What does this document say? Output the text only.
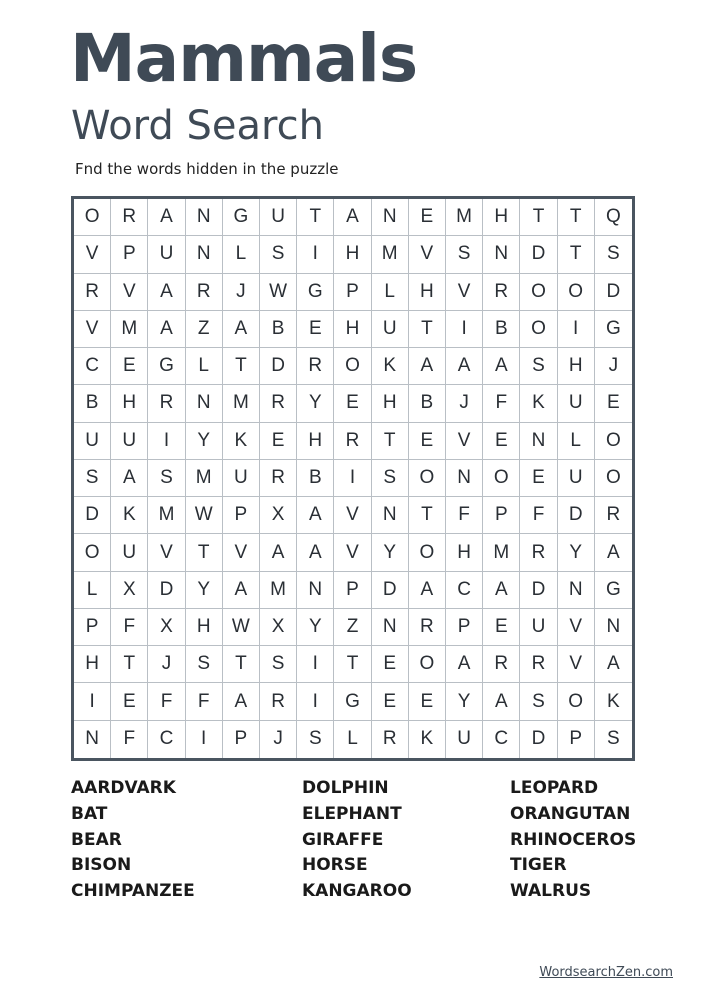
Mammals
Word Search
Fnd the words hidden in the puzzle
O	R	A	N	G	U	T	A	N	E	M	H	T	T	Q
V	P	U	N	L	S	I	H	M	V	S	N	D	T	S
R	V	A	R	J	W	G	P	L	H	V	R	O	O	D
V	M	A	Z	A	B	E	H	U	T	I	B	O	I	G
C	E	G	L	T	D	R	O	K	A	A	A	S	H	J
B	H	R	N	M	R	Y	E	H	B	J	F	K	U	E
U	U	I	Y	K	E	H	R	T	E	V	E	N	L	O
S	A	S	M	U	R	B	I	S	O	N	O	E	U	O
D	K	M	W	P	X	A	V	N	T	F	P	F	D	R
O	U	V	T	V	A	A	V	Y	O	H	M	R	Y	A
L	X	D	Y	A	M	N	P	D	A	C	A	D	N	G
P	F	X	H	W	X	Y	Z	N	R	P	E	U	V	N
H	T	J	S	T	S	I	T	E	O	A	R	R	V	A
I	E	F	F	A	R	I	G	E	E	Y	A	S	O	K
N	F	C	I	P	J	S	L	R	K	U	C	D	P	S
AARDVARK
BAT
BEAR
BISON
CHIMPANZEE
DOLPHIN
ELEPHANT
GIRAFFE
HORSE
KANGAROO
LEOPARD
ORANGUTAN
RHINOCEROS
TIGER
WALRUS
WordsearchZen.com
